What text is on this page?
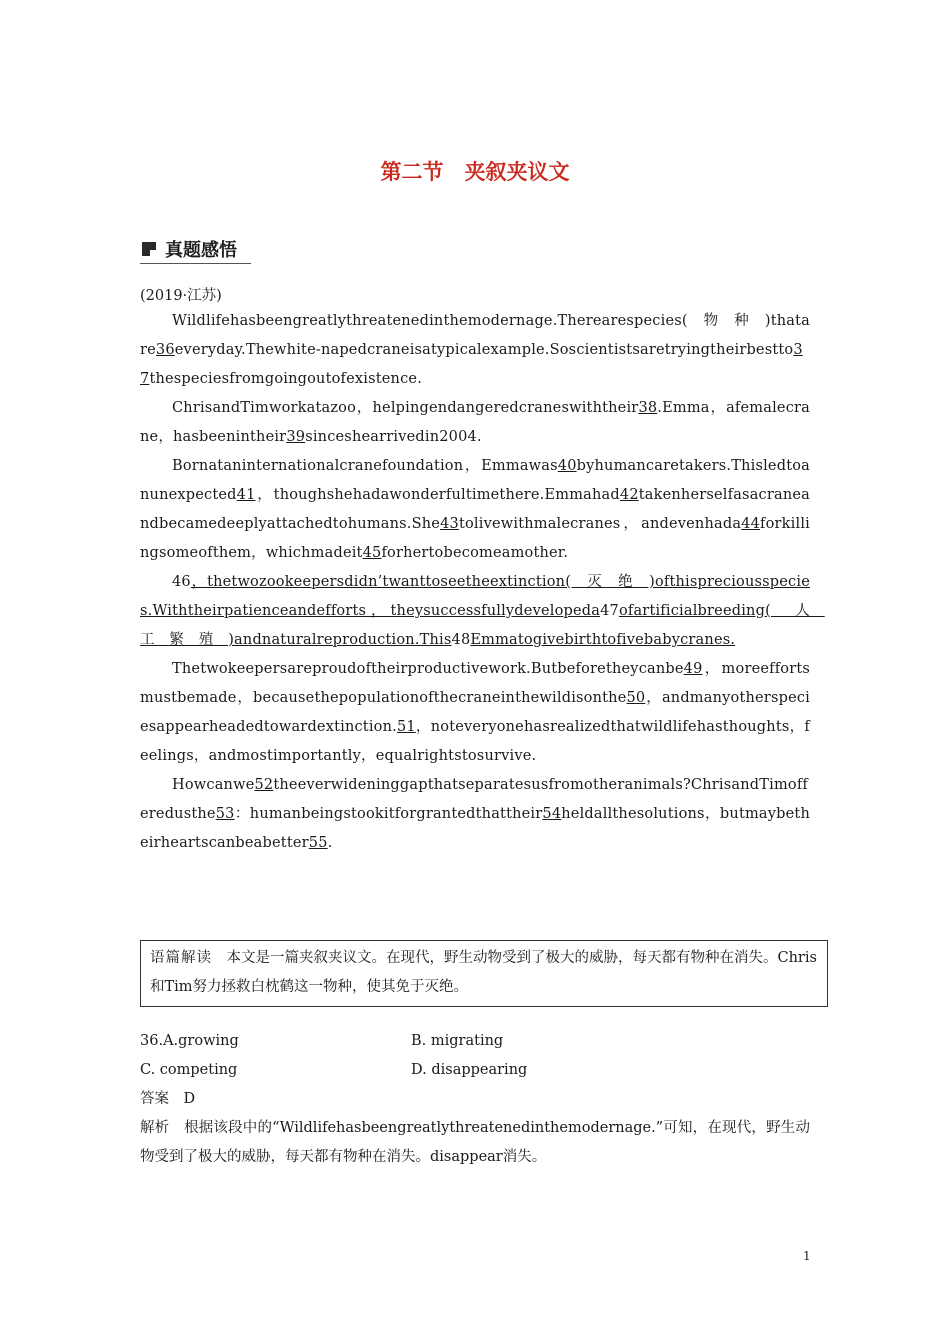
第二节　夹叙夹议文
真题感悟
(2019·江苏)

Wildlifehasbeengreatlythreatenedinthemodernage.Therearespecies(　物　种　)thatare36everyday.Thewhite-napedcraneisatypicalexample.Soscientistsaretryingtheirbestto37thespeciesfromgoingoutofexistence.

ChrisandTimworkatazoo，helpingendangeredcraneswiththeir38.Emma，afemalecrane，hasbeenintheir39sinceshearrivedin2004.

Bornataninternationalcranefoundation，Emmawas40byhumancaretakers.Thisledtoanunexpected41，thoughshehadawonderfultimethere.Emmahad42takenherselfasacraneandbecamedeeplyattachedtohumans.She43tolivewithmalecranes，andevenhada44forkillingsomeofthem，whichmadeit45forhertobecomeamother.

46，thetwozookeepersdidn’twanttoseetheextinction(　灭　绝　)ofthispreciousspecies.Withtheirpatienceandefforts，theysuccessfullydevelopeda47ofartificialbreeding(　人　工　繁　殖　)andnaturalreproduction.This48Emmatogivebirthtofivebabycranes.

Thetwokeepersareproudoftheirproductivework.Butbeforetheycanbe49，moreeffortsmustbemade，becausethepopulationofthecraneinthewildisonthe50，andmanyotherspeciesappearheadedtowardextinction.51，noteveryonehasrealizedthatwildlifehasthoughts，feelings，andmostimportantly，equalrightstosurvive.

Howcanwe52theeverwideninggapthatseparatesusfromotheranimals?ChrisandTimofferedusthe53：humanbeingstookitforgrantedthattheir54heldallthesolutions，butmaybetheirheartscanbeabetter55.

语篇解读　 本文是一篇夹叙夹议文。在现代，野生动物受到了极大的威胁，每天都有物种在消失。Chris和Tim努力拯救白枕鹤这一物种，使其免于灭绝。
36.A.growing	B. migrating
C. competing	D. disappearing
答案　 D
解析　 根据该段中的“Wildlifehasbeengreatlythreatenedinthemodernage.”可知，在现代，野生动物受到了极大的威胁，每天都有物种在消失。disappear消失。
1
